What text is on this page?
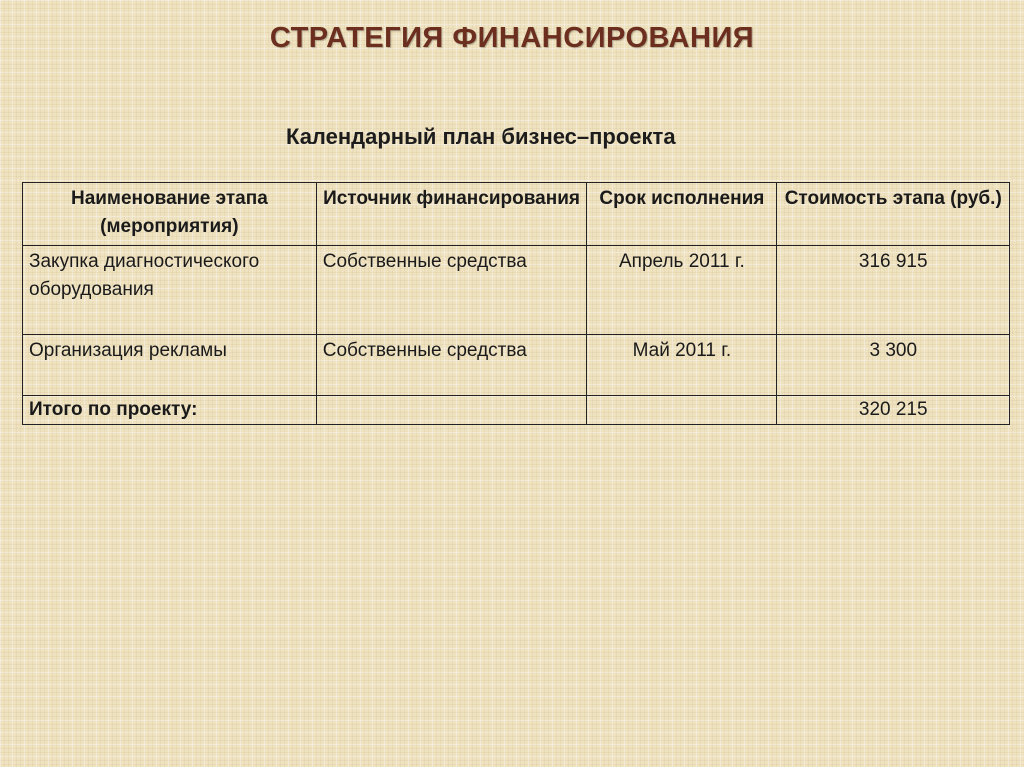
СТРАТЕГИЯ ФИНАНСИРОВАНИЯ
Календарный план бизнес–проекта
Наименование этапа (мероприятия)	Источник финансирования	Срок исполнения	Стоимость этапа (руб.)
Закупка диагностического оборудования	Собственные средства	Апрель 2011 г.	316 915
Организация рекламы	Собственные средства	Май 2011 г.	3 300
Итого по проекту:			320 215
